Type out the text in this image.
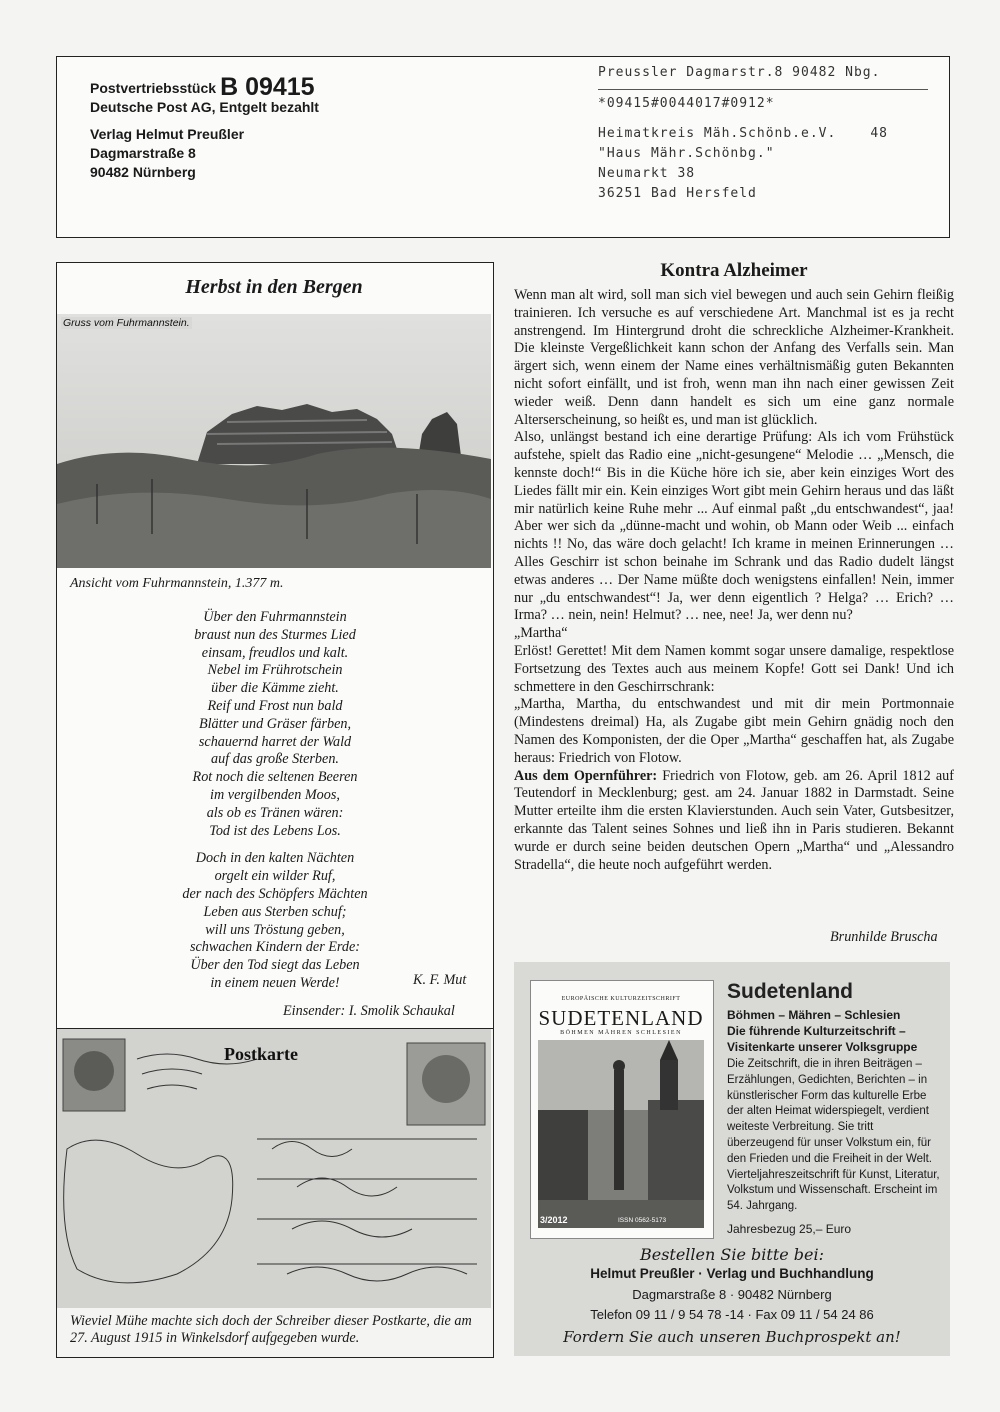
Postvertriebsstück B 09415
Deutsche Post AG, Entgelt bezahlt
Verlag Helmut Preußler
Dagmarstraße 8
90482 Nürnberg
Preussler Dagmarstr.8 90482 Nbg.
*09415#0044017#0912*
Heimatkreis Mäh.Schönb.e.V.	48
"Haus Mähr.Schönbg."
Neumarkt 38
36251 Bad Hersfeld
Herbst in den Bergen
Gruss vom Fuhrmannstein.
Ansicht vom Fuhrmannstein, 1.377 m.
Über den Fuhrmannstein
braust nun des Sturmes Lied
einsam, freudlos und kalt.
Nebel im Frührotschein
über die Kämme zieht.
Reif und Frost nun bald
Blätter und Gräser färben,
schauernd harret der Wald
auf das große Sterben.
Rot noch die seltenen Beeren
im vergilbenden Moos,
als ob es Tränen wären:
Tod ist des Lebens Los.
Doch in den kalten Nächten
orgelt ein wilder Ruf,
der nach des Schöpfers Mächten
Leben aus Sterben schuf;
will uns Tröstung geben,
schwachen Kindern der Erde:
Über den Tod siegt das Leben
in einem neuen Werde!	K. F. Mut
Einsender: I. Smolik Schaukal
Postkarte
Wieviel Mühe machte sich doch der Schreiber dieser Postkarte, die am 27. August 1915 in Winkelsdorf aufgegeben wurde.
Kontra Alzheimer

Wenn man alt wird, soll man sich viel bewegen und auch sein Gehirn fleißig trainieren. Ich versuche es auf verschiedene Art. Manchmal ist es ja recht anstrengend. Im Hintergrund droht die schreckliche Alzheimer-Krankheit. Die kleinste Vergeßlichkeit kann schon der Anfang des Verfalls sein. Man ärgert sich, wenn einem der Name eines verhältnismäßig guten Bekannten nicht sofort einfällt, und ist froh, wenn man ihn nach einer gewissen Zeit wieder weiß. Denn dann handelt es sich um eine ganz normale Alterserscheinung, so heißt es, und man ist glücklich.

Also, unlängst bestand ich eine derartige Prüfung: Als ich vom Frühstück aufstehe, spielt das Radio eine „nicht-gesungene“ Melodie … „Mensch, die kennste doch!“ Bis in die Küche höre ich sie, aber kein einziges Wort des Liedes fällt mir ein. Kein einziges Wort gibt mein Gehirn heraus und das läßt mir natürlich keine Ruhe mehr ... Auf einmal paßt „du entschwandest“, jaa! Aber wer sich da „dünne-macht und wohin, ob Mann oder Weib ... einfach nichts !! No, das wäre doch gelacht! Ich krame in meinen Erinnerungen … Alles Geschirr ist schon beinahe im Schrank und das Radio dudelt längst etwas anderes … Der Name müßte doch wenigstens einfallen! Nein, immer nur „du entschwandest“! Ja, wer denn eigentlich ? Helga? … Erich? … Irma? … nein, nein! Helmut? … nee, nee! Ja, wer denn nu?

„Martha“

Erlöst! Gerettet! Mit dem Namen kommt sogar unsere damalige, respektlose Fortsetzung des Textes auch aus meinem Kopfe! Gott sei Dank! Und ich schmettere in den Geschirrschrank:

„Martha, Martha, du entschwandest und mit dir mein Portmonnaie (Mindestens dreimal) Ha, als Zugabe gibt mein Gehirn gnädig noch den Namen des Komponisten, der die Oper „Martha“ geschaffen hat, als Zugabe heraus: Friedrich von Flotow.

Aus dem Opernführer: Friedrich von Flotow, geb. am 26. April 1812 auf Teutendorf in Mecklenburg; gest. am 24. Januar 1882 in Darmstadt. Seine Mutter erteilte ihm die ersten Klavierstunden. Auch sein Vater, Gutsbesitzer, erkannte das Talent seines Sohnes und ließ ihn in Paris studieren. Bekannt wurde er durch seine beiden deutschen Opern „Martha“ und „Alessandro Stradella“, die heute noch aufgeführt werden.

Brunhilde Bruscha
EUROPÄISCHE KULTURZEITSCHRIFT
SUDETENLAND
BÖHMEN MÄHREN SCHLESIEN
3/2012	ISSN 0562-5173
Sudetenland
Böhmen – Mähren – Schlesien
Die führende Kulturzeitschrift – Visitenkarte unserer Volksgruppe
Die Zeitschrift, die in ihren Beiträgen – Erzählungen, Gedichten, Berichten – in künstlerischer Form das kulturelle Erbe der alten Heimat widerspiegelt, verdient weiteste Verbreitung. Sie tritt überzeugend für unser Volkstum ein, für den Frieden und die Freiheit in der Welt. Vierteljahreszeitschrift für Kunst, Literatur, Volkstum und Wissenschaft. Erscheint im 54. Jahrgang.
Jahresbezug 25,– Euro
Bestellen Sie bitte bei:
Helmut Preußler · Verlag und Buchhandlung
Dagmarstraße 8 · 90482 Nürnberg
Telefon 09 11 / 9 54 78 -14 · Fax 09 11 / 54 24 86
Fordern Sie auch unseren Buchprospekt an!
